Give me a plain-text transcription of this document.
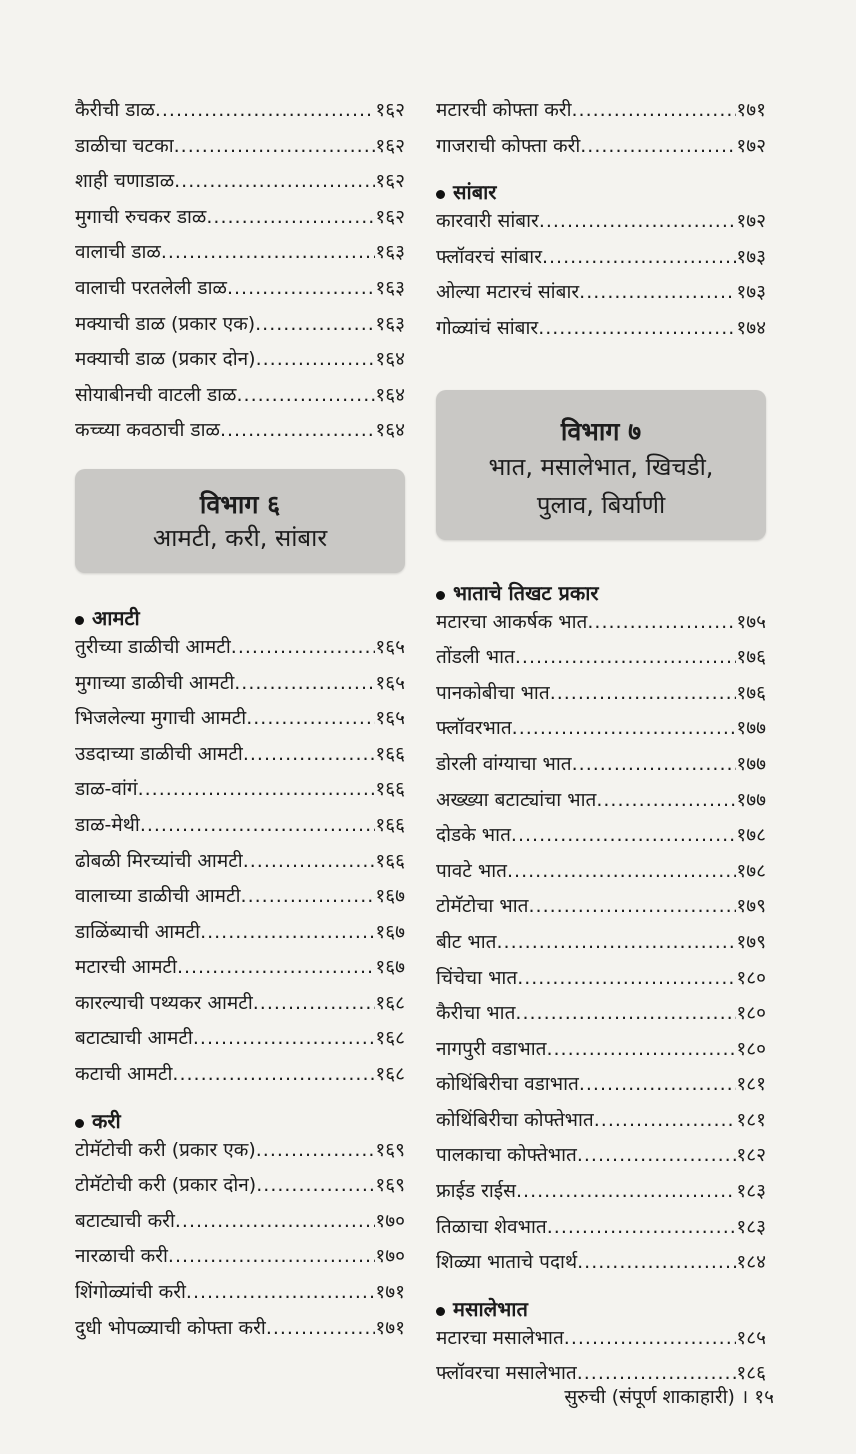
कैरीची डाळ .....	१६२
डाळीचा चटका .....	१६२
शाही चणाडाळ .....	१६२
मुगाची रुचकर डाळ .....	१६२
वालाची डाळ .....	१६३
वालाची परतलेली डाळ .....	१६३
मक्याची डाळ (प्रकार एक) .....	१६३
मक्याची डाळ (प्रकार दोन) .....	१६४
सोयाबीनची वाटली डाळ .....	१६४
कच्च्या कवठाची डाळ .....	१६४
विभाग ६
आमटी, करी, सांबार
आमटी
तुरीच्या डाळीची आमटी .....	१६५
मुगाच्या डाळीची आमटी .....	१६५
भिजलेल्या मुगाची आमटी .....	१६५
उडदाच्या डाळीची आमटी .....	१६६
डाळ-वांगं .....	१६६
डाळ-मेथी .....	१६६
ढोबळी मिरच्यांची आमटी .....	१६६
वालाच्या डाळीची आमटी .....	१६७
डाळिंब्याची आमटी .....	१६७
मटारची आमटी .....	१६७
कारल्याची पथ्यकर आमटी .....	१६८
बटाट्याची आमटी .....	१६८
कटाची आमटी .....	१६८
करी
टोमॅटोची करी (प्रकार एक) .....	१६९
टोमॅटोची करी (प्रकार दोन) .....	१६९
बटाट्याची करी .....	१७०
नारळाची करी .....	१७०
शिंगोळ्यांची करी .....	१७१
दुधी भोपळ्याची कोफ्ता करी .....	१७१
मटारची कोफ्ता करी .....	१७१
गाजराची कोफ्ता करी .....	१७२
सांबार
कारवारी सांबार .....	१७२
फ्लॉवरचं सांबार .....	१७३
ओल्या मटारचं सांबार .....	१७३
गोळ्यांचं सांबार .....	१७४
विभाग ७
भात, मसालेभात, खिचडी,
पुलाव, बिर्याणी
भाताचे तिखट प्रकार
मटारचा आकर्षक भात .....	१७५
तोंडली भात .....	१७६
पानकोबीचा भात .....	१७६
फ्लॉवरभात .....	१७७
डोरली वांग्याचा भात .....	१७७
अख्ख्या बटाट्यांचा भात .....	१७७
दोडके भात .....	१७८
पावटे भात .....	१७८
टोमॅटोचा भात .....	१७९
बीट भात .....	१७९
चिंचेचा भात .....	१८०
कैरीचा भात .....	१८०
नागपुरी वडाभात .....	१८०
कोथिंबिरीचा वडाभात .....	१८१
कोथिंबिरीचा कोफ्तेभात .....	१८१
पालकाचा कोफ्तेभात .....	१८२
फ्राईड राईस .....	१८३
तिळाचा शेवभात .....	१८३
शिळ्या भाताचे पदार्थ .....	१८४
मसालेभात
मटारचा मसालेभात .....	१८५
फ्लॉवरचा मसालेभात .....	१८६
सुरुची (संपूर्ण शाकाहारी) । १५
